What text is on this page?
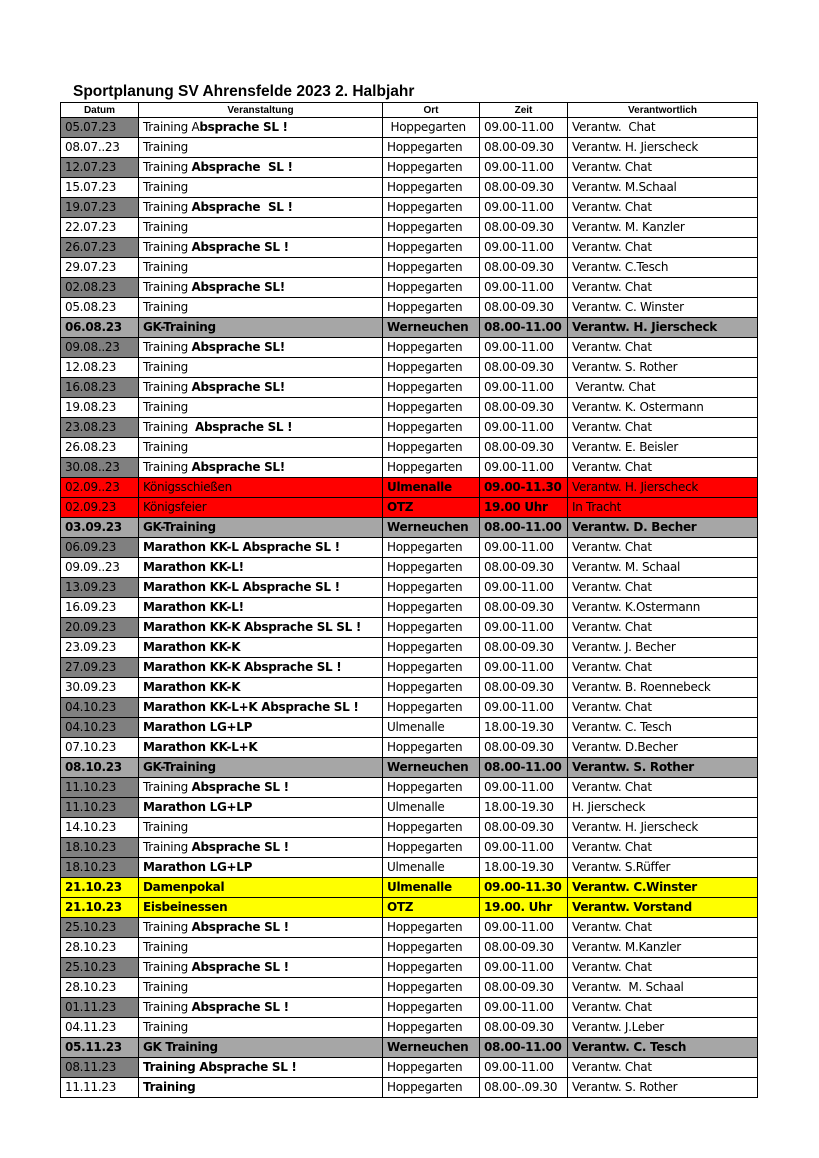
Sportplanung SV Ahrensfelde 2023 2. Halbjahr
Datum	Veranstaltung	Ort	Zeit	Verantwortlich
05.07.23	Training Absprache SL !	Hoppegarten	09.00-11.00	Verantw.  Chat
08.07..23	Training	Hoppegarten	08.00-09.30	Verantw. H. Jierscheck
12.07.23	Training Absprache  SL !	Hoppegarten	09.00-11.00	Verantw. Chat
15.07.23	Training	Hoppegarten	08.00-09.30	Verantw. M.Schaal
19.07.23	Training Absprache  SL !	Hoppegarten	09.00-11.00	Verantw. Chat
22.07.23	Training	Hoppegarten	08.00-09.30	Verantw. M. Kanzler
26.07.23	Training Absprache SL !	Hoppegarten	09.00-11.00	Verantw. Chat
29.07.23	Training	Hoppegarten	08.00-09.30	Verantw. C.Tesch
02.08.23	Training Absprache SL!	Hoppegarten	09.00-11.00	Verantw. Chat
05.08.23	Training	Hoppegarten	08.00-09.30	Verantw. C. Winster
06.08.23	GK-Training	Werneuchen	08.00-11.00	Verantw. H. Jierscheck
09.08..23	Training Absprache SL!	Hoppegarten	09.00-11.00	Verantw. Chat
12.08.23	Training	Hoppegarten	08.00-09.30	Verantw. S. Rother
16.08.23	Training Absprache SL!	Hoppegarten	09.00-11.00	Verantw. Chat
19.08.23	Training	Hoppegarten	08.00-09.30	Verantw. K. Ostermann
23.08.23	Training  Absprache SL !	Hoppegarten	09.00-11.00	Verantw. Chat
26.08.23	Training	Hoppegarten	08.00-09.30	Verantw. E. Beisler
30.08..23	Training Absprache SL!	Hoppegarten	09.00-11.00	Verantw. Chat
02.09..23	Königsschießen	Ulmenalle	09.00-11.30	Verantw. H. Jierscheck
02.09.23	Königsfeier	OTZ	19.00 Uhr	In Tracht
03.09.23	GK-Training	Werneuchen	08.00-11.00	Verantw. D. Becher
06.09.23	Marathon KK-L Absprache SL !	Hoppegarten	09.00-11.00	Verantw. Chat
09.09..23	Marathon KK-L!	Hoppegarten	08.00-09.30	Verantw. M. Schaal
13.09.23	Marathon KK-L Absprache SL !	Hoppegarten	09.00-11.00	Verantw. Chat
16.09.23	Marathon KK-L!	Hoppegarten	08.00-09.30	Verantw. K.Ostermann
20.09.23	Marathon KK-K Absprache SL SL !	Hoppegarten	09.00-11.00	Verantw. Chat
23.09.23	Marathon KK-K	Hoppegarten	08.00-09.30	Verantw. J. Becher
27.09.23	Marathon KK-K Absprache SL !	Hoppegarten	09.00-11.00	Verantw. Chat
30.09.23	Marathon KK-K	Hoppegarten	08.00-09.30	Verantw. B. Roennebeck
04.10.23	Marathon KK-L+K Absprache SL !	Hoppegarten	09.00-11.00	Verantw. Chat
04.10.23	Marathon LG+LP	Ulmenalle	18.00-19.30	Verantw. C. Tesch
07.10.23	Marathon KK-L+K	Hoppegarten	08.00-09.30	Verantw. D.Becher
08.10.23	GK-Training	Werneuchen	08.00-11.00	Verantw. S. Rother
11.10.23	Training Absprache SL !	Hoppegarten	09.00-11.00	Verantw. Chat
11.10.23	Marathon LG+LP	Ulmenalle	18.00-19.30	H. Jierscheck
14.10.23	Training	Hoppegarten	08.00-09.30	Verantw. H. Jierscheck
18.10.23	Training Absprache SL !	Hoppegarten	09.00-11.00	Verantw. Chat
18.10.23	Marathon LG+LP	Ulmenalle	18.00-19.30	Verantw. S.Rüffer
21.10.23	Damenpokal	Ulmenalle	09.00-11.30	Verantw. C.Winster
21.10.23	Eisbeinessen	OTZ	19.00. Uhr	Verantw. Vorstand
25.10.23	Training Absprache SL !	Hoppegarten	09.00-11.00	Verantw. Chat
28.10.23	Training	Hoppegarten	08.00-09.30	Verantw. M.Kanzler
25.10.23	Training Absprache SL !	Hoppegarten	09.00-11.00	Verantw. Chat
28.10.23	Training	Hoppegarten	08.00-09.30	Verantw.  M. Schaal
01.11.23	Training Absprache SL !	Hoppegarten	09.00-11.00	Verantw. Chat
04.11.23	Training	Hoppegarten	08.00-09.30	Verantw. J.Leber
05.11.23	GK Training	Werneuchen	08.00-11.00	Verantw. C. Tesch
08.11.23	Training Absprache SL !	Hoppegarten	09.00-11.00	Verantw. Chat
11.11.23	Training	Hoppegarten	08.00-.09.30	Verantw. S. Rother
